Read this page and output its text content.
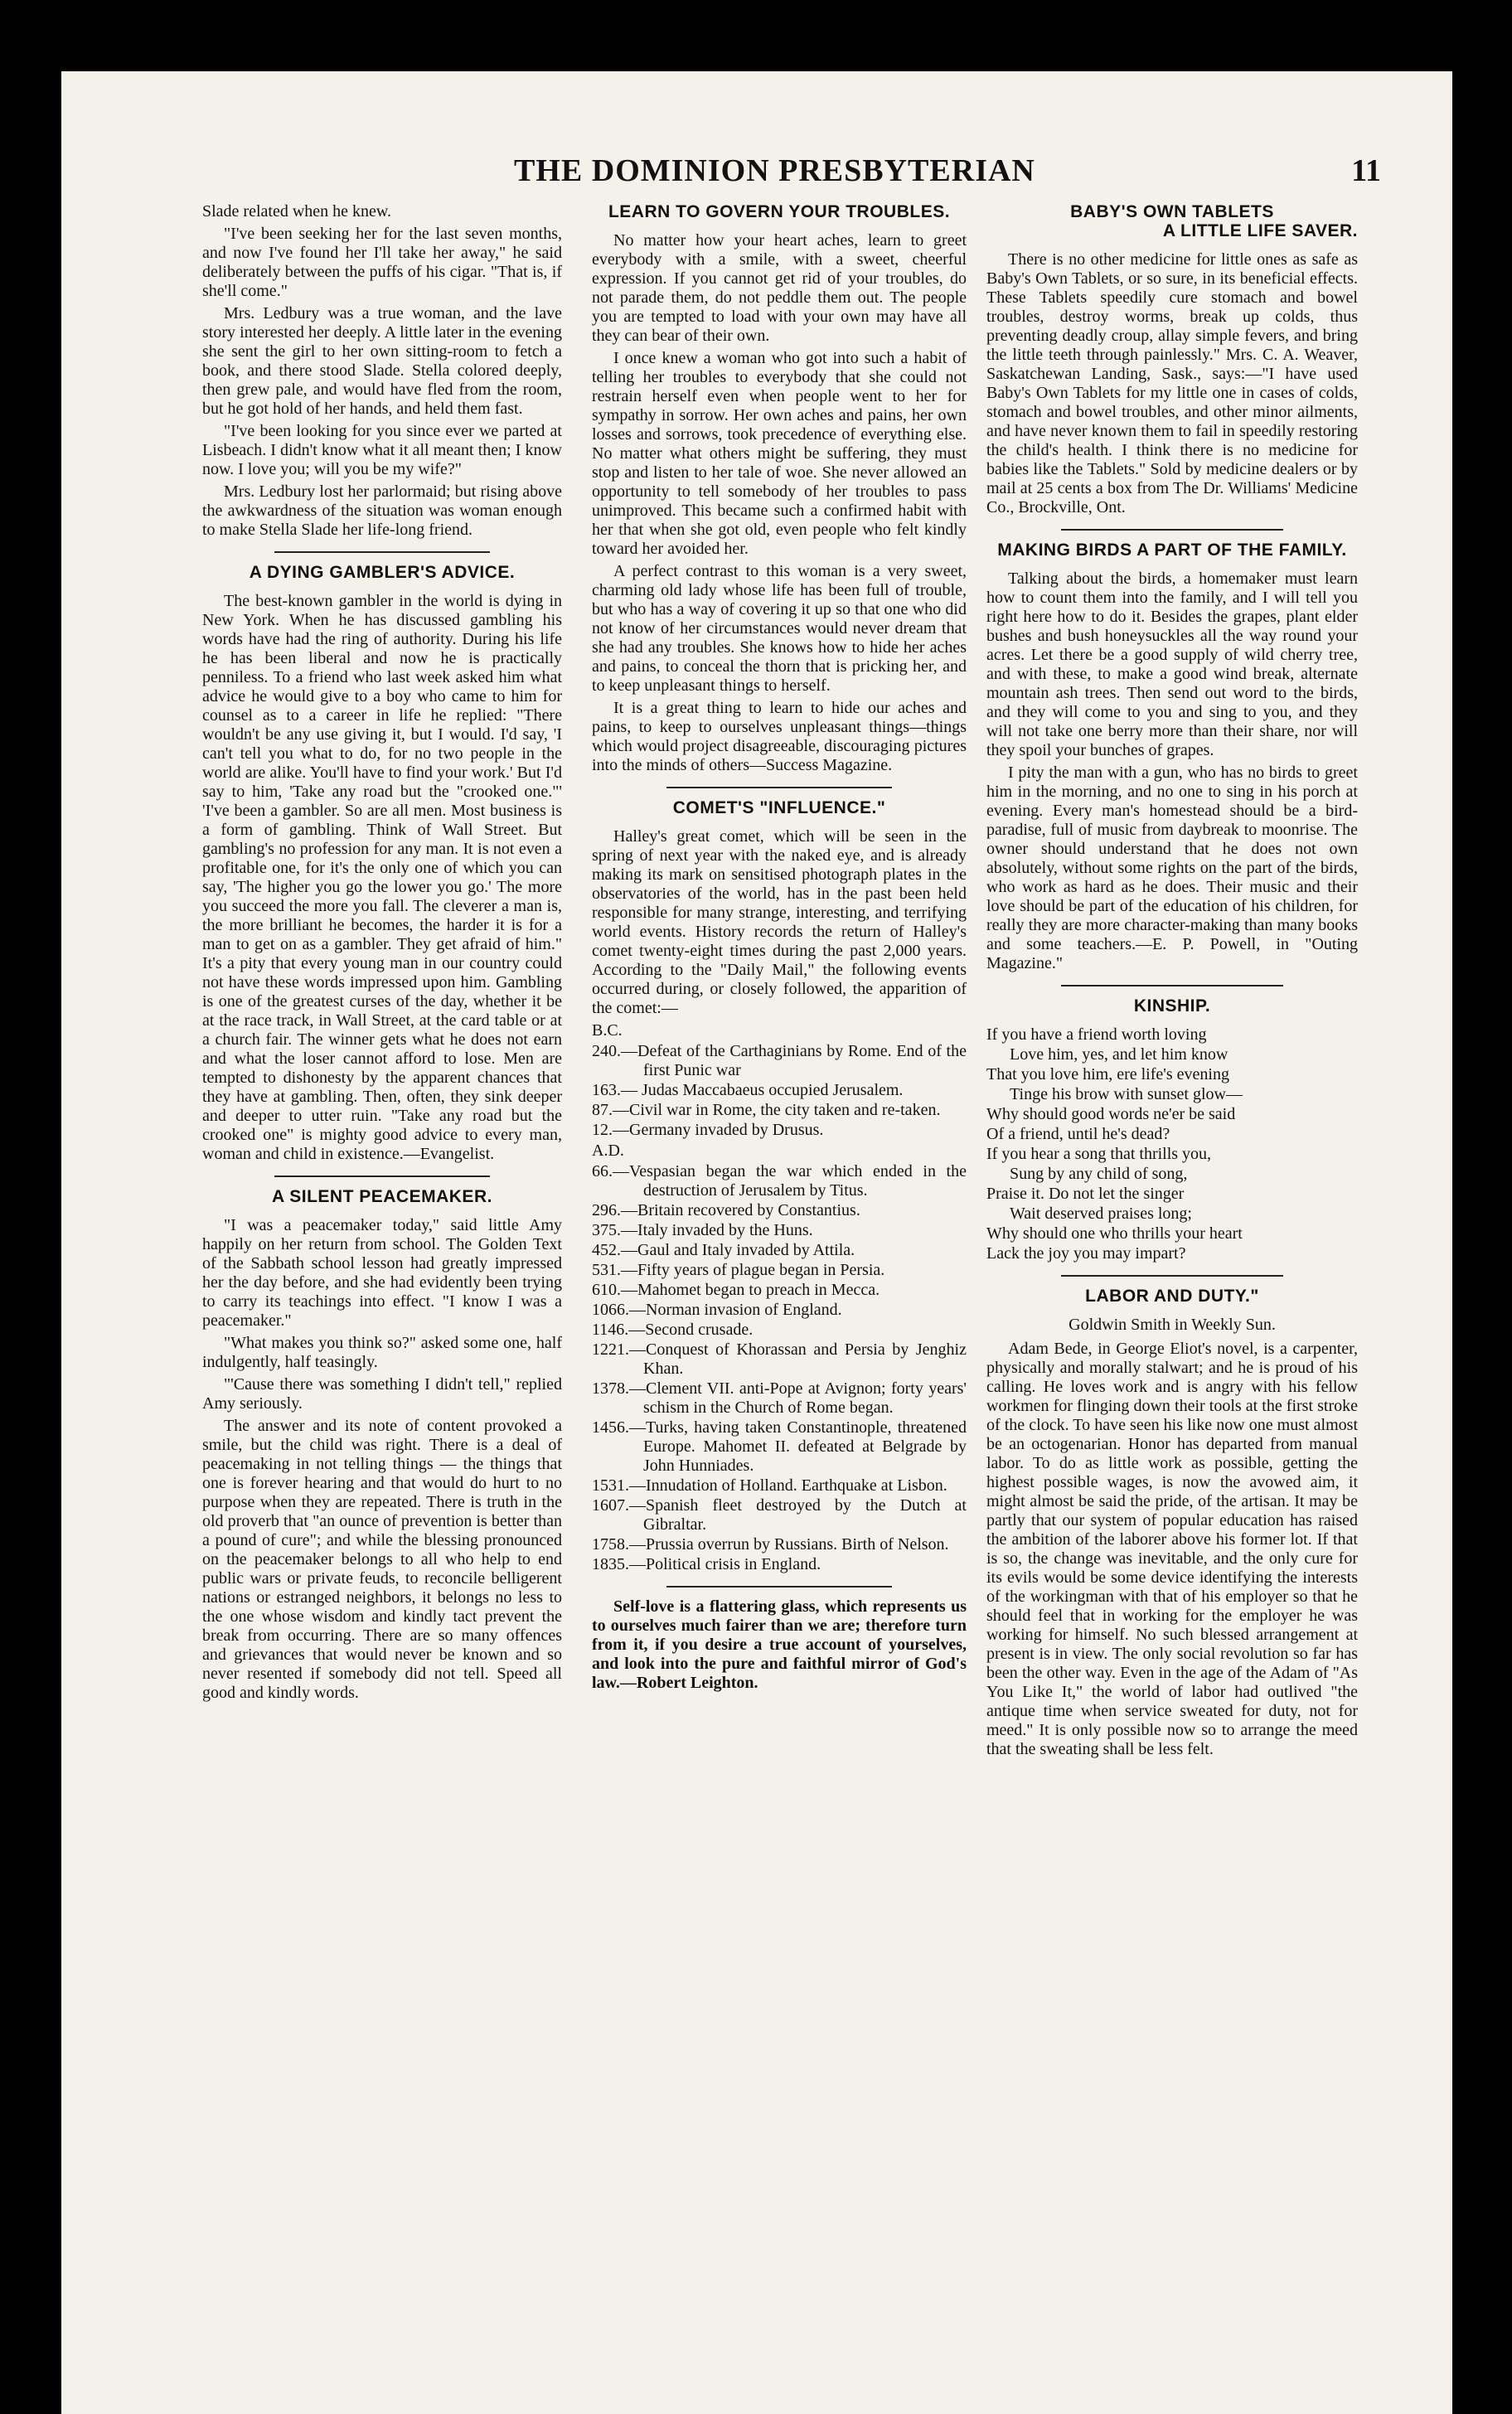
THE DOMINION PRESBYTERIAN	11

Slade related when he knew.

"I've been seeking her for the last seven months, and now I've found her I'll take her away," he said deliberately between the puffs of his cigar. "That is, if she'll come."

Mrs. Ledbury was a true woman, and the lave story interested her deeply. A little later in the evening she sent the girl to her own sitting-room to fetch a book, and there stood Slade. Stella colored deeply, then grew pale, and would have fled from the room, but he got hold of her hands, and held them fast.

"I've been looking for you since ever we parted at Lisbeach. I didn't know what it all meant then; I know now. I love you; will you be my wife?"

Mrs. Ledbury lost her parlormaid; but rising above the awkwardness of the situation was woman enough to make Stella Slade her life-long friend.

A DYING GAMBLER'S ADVICE.

The best-known gambler in the world is dying in New York. When he has discussed gambling his words have had the ring of authority. During his life he has been liberal and now he is practically penniless. To a friend who last week asked him what advice he would give to a boy who came to him for counsel as to a career in life he replied: "There wouldn't be any use giving it, but I would. I'd say, 'I can't tell you what to do, for no two people in the world are alike. You'll have to find your work.' But I'd say to him, 'Take any road but the "crooked one."' 'I've been a gambler. So are all men. Most business is a form of gambling. Think of Wall Street. But gambling's no profession for any man. It is not even a profitable one, for it's the only one of which you can say, 'The higher you go the lower you go.' The more you succeed the more you fall. The cleverer a man is, the more brilliant he becomes, the harder it is for a man to get on as a gambler. They get afraid of him." It's a pity that every young man in our country could not have these words impressed upon him. Gambling is one of the greatest curses of the day, whether it be at the race track, in Wall Street, at the card table or at a church fair. The winner gets what he does not earn and what the loser cannot afford to lose. Men are tempted to dishonesty by the apparent chances that they have at gambling. Then, often, they sink deeper and deeper to utter ruin. "Take any road but the crooked one" is mighty good advice to every man, woman and child in existence.—Evangelist.

A SILENT PEACEMAKER.

"I was a peacemaker today," said little Amy happily on her return from school. The Golden Text of the Sabbath school lesson had greatly impressed her the day before, and she had evidently been trying to carry its teachings into effect. "I know I was a peacemaker."

"What makes you think so?" asked some one, half indulgently, half teasingly.

"'Cause there was something I didn't tell," replied Amy seriously.

The answer and its note of content provoked a smile, but the child was right. There is a deal of peacemaking in not telling things — the things that one is forever hearing and that would do hurt to no purpose when they are repeated. There is truth in the old proverb that "an ounce of prevention is better than a pound of cure"; and while the blessing pronounced on the peacemaker belongs to all who help to end public wars or private feuds, to reconcile belligerent nations or estranged neighbors, it belongs no less to the one whose wisdom and kindly tact prevent the break from occurring. There are so many offences and grievances that would never be known and so never resented if somebody did not tell. Speed all good and kindly words.

LEARN TO GOVERN YOUR TROUBLES.

No matter how your heart aches, learn to greet everybody with a smile, with a sweet, cheerful expression. If you cannot get rid of your troubles, do not parade them, do not peddle them out. The people you are tempted to load with your own may have all they can bear of their own.

I once knew a woman who got into such a habit of telling her troubles to everybody that she could not restrain herself even when people went to her for sympathy in sorrow. Her own aches and pains, her own losses and sorrows, took precedence of everything else. No matter what others might be suffering, they must stop and listen to her tale of woe. She never allowed an opportunity to tell somebody of her troubles to pass unimproved. This became such a confirmed habit with her that when she got old, even people who felt kindly toward her avoided her.

A perfect contrast to this woman is a very sweet, charming old lady whose life has been full of trouble, but who has a way of covering it up so that one who did not know of her circumstances would never dream that she had any troubles. She knows how to hide her aches and pains, to conceal the thorn that is pricking her, and to keep unpleasant things to herself.

It is a great thing to learn to hide our aches and pains, to keep to ourselves unpleasant things—things which would project disagreeable, discouraging pictures into the minds of others—Success Magazine.

COMET'S "INFLUENCE."

Halley's great comet, which will be seen in the spring of next year with the naked eye, and is already making its mark on sensitised photograph plates in the observatories of the world, has in the past been held responsible for many strange, interesting, and terrifying world events. History records the return of Halley's comet twenty-eight times during the past 2,000 years. According to the "Daily Mail," the following events occurred during, or closely followed, the apparition of the comet:—

B.C.
240.—Defeat of the Carthaginians by Rome. End of the first Punic war
163.— Judas Maccabaeus occupied Jerusalem.
87.—Civil war in Rome, the city taken and re-taken.
12.—Germany invaded by Drusus.
A.D.
66.—Vespasian began the war which ended in the destruction of Jerusalem by Titus.
296.—Britain recovered by Constantius.
375.—Italy invaded by the Huns.
452.—Gaul and Italy invaded by Attila.
531.—Fifty years of plague began in Persia.
610.—Mahomet began to preach in Mecca.
1066.—Norman invasion of England.
1146.—Second crusade.
1221.—Conquest of Khorassan and Persia by Jenghiz Khan.
1378.—Clement VII. anti-Pope at Avignon; forty years' schism in the Church of Rome began.
1456.—Turks, having taken Constantinople, threatened Europe. Mahomet II. defeated at Belgrade by John Hunniades.
1531.—Innudation of Holland. Earthquake at Lisbon.
1607.—Spanish fleet destroyed by the Dutch at Gibraltar.
1758.—Prussia overrun by Russians. Birth of Nelson.
1835.—Political crisis in England.

Self-love is a flattering glass, which represents us to ourselves much fairer than we are; therefore turn from it, if you desire a true account of yourselves, and look into the pure and faithful mirror of God's law.—Robert Leighton.

BABY'S OWN TABLETS
A LITTLE LIFE SAVER.

There is no other medicine for little ones as safe as Baby's Own Tablets, or so sure, in its beneficial effects. These Tablets speedily cure stomach and bowel troubles, destroy worms, break up colds, thus preventing deadly croup, allay simple fevers, and bring the little teeth through painlessly." Mrs. C. A. Weaver, Saskatchewan Landing, Sask., says:—"I have used Baby's Own Tablets for my little one in cases of colds, stomach and bowel troubles, and other minor ailments, and have never known them to fail in speedily restoring the child's health. I think there is no medicine for babies like the Tablets." Sold by medicine dealers or by mail at 25 cents a box from The Dr. Williams' Medicine Co., Brockville, Ont.

MAKING BIRDS A PART OF THE FAMILY.

Talking about the birds, a homemaker must learn how to count them into the family, and I will tell you right here how to do it. Besides the grapes, plant elder bushes and bush honeysuckles all the way round your acres. Let there be a good supply of wild cherry tree, and with these, to make a good wind break, alternate mountain ash trees. Then send out word to the birds, and they will come to you and sing to you, and they will not take one berry more than their share, nor will they spoil your bunches of grapes.

I pity the man with a gun, who has no birds to greet him in the morning, and no one to sing in his porch at evening. Every man's homestead should be a bird-paradise, full of music from daybreak to moonrise. The owner should understand that he does not own absolutely, without some rights on the part of the birds, who work as hard as he does. Their music and their love should be part of the education of his children, for really they are more character-making than many books and some teachers.—E. P. Powell, in "Outing Magazine."

KINSHIP.
If you have a friend worth loving
Love him, yes, and let him know
That you love him, ere life's evening
Tinge his brow with sunset glow—
Why should good words ne'er be said
Of a friend, until he's dead?
If you hear a song that thrills you,
Sung by any child of song,
Praise it. Do not let the singer
Wait deserved praises long;
Why should one who thrills your heart
Lack the joy you may impart?
LABOR AND DUTY."
Goldwin Smith in Weekly Sun.

Adam Bede, in George Eliot's novel, is a carpenter, physically and morally stalwart; and he is proud of his calling. He loves work and is angry with his fellow workmen for flinging down their tools at the first stroke of the clock. To have seen his like now one must almost be an octogenarian. Honor has departed from manual labor. To do as little work as possible, getting the highest possible wages, is now the avowed aim, it might almost be said the pride, of the artisan. It may be partly that our system of popular education has raised the ambition of the laborer above his former lot. If that is so, the change was inevitable, and the only cure for its evils would be some device identifying the interests of the workingman with that of his employer so that he should feel that in working for the employer he was working for himself. No such blessed arrangement at present is in view. The only social revolution so far has been the other way. Even in the age of the Adam of "As You Like It," the world of labor had outlived "the antique time when service sweated for duty, not for meed." It is only possible now so to arrange the meed that the sweating shall be less felt.
